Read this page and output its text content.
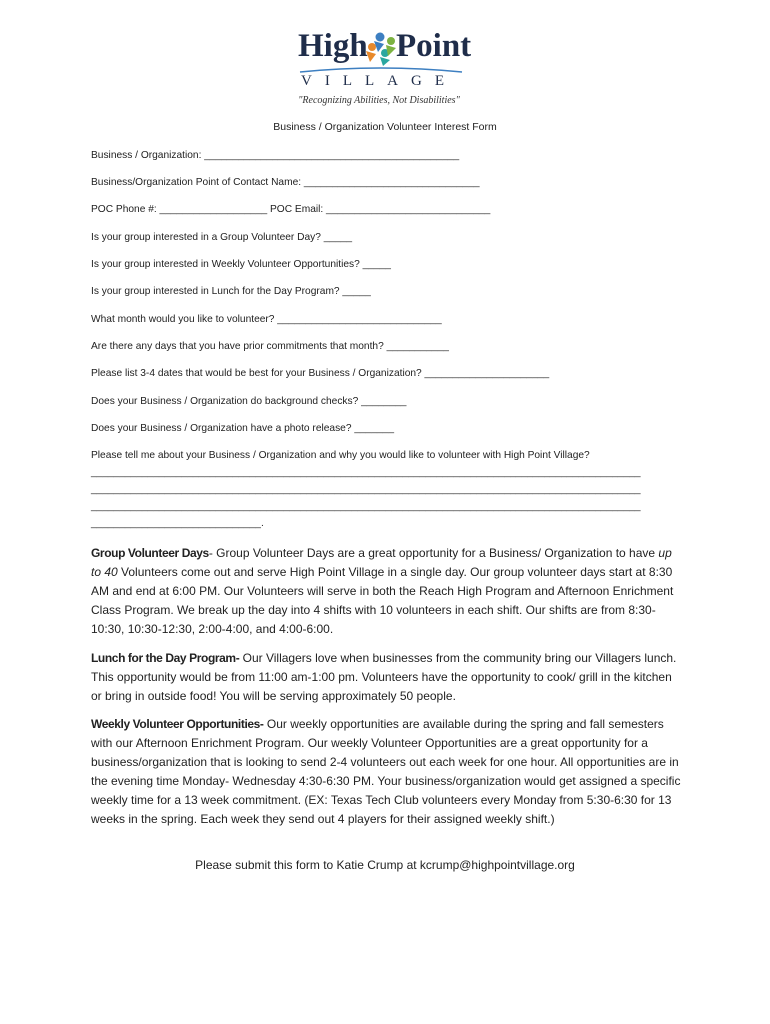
High Point
VILLAGE
"Recognizing Abilities, Not Disabilities"
Business / Organization Volunteer Interest Form
Business / Organization: _____________________________________________
Business/Organization Point of Contact Name: _______________________________
POC Phone #: ___________________ POC Email: _____________________________
Is your group interested in a Group Volunteer Day? _____
Is your group interested in Weekly Volunteer Opportunities? _____
Is your group interested in Lunch for the Day Program? _____
What month would you like to volunteer? _____________________________
Are there any days that you have prior commitments that month? ___________
Please list 3-4 dates that would be best for your Business / Organization? ______________________
Does your Business / Organization do background checks? ________
Does your Business / Organization have a photo release? _______
Please tell me about your Business / Organization and why you would like to volunteer with High Point Village?
_________________________________________________________________________________________________
_________________________________________________________________________________________________
_________________________________________________________________________________________________
______________________________.
Group Volunteer Days- Group Volunteer Days are a great opportunity for a Business/ Organization to have up to 40 Volunteers come out and serve High Point Village in a single day. Our group volunteer days start at 8:30 AM and end at 6:00 PM. Our Volunteers will serve in both the Reach High Program and Afternoon Enrichment Class Program. We break up the day into 4 shifts with 10 volunteers in each shift. Our shifts are from 8:30-10:30, 10:30-12:30, 2:00-4:00, and 4:00-6:00.
Lunch for the Day Program- Our Villagers love when businesses from the community bring our Villagers lunch. This opportunity would be from 11:00 am-1:00 pm. Volunteers have the opportunity to cook/ grill in the kitchen or bring in outside food! You will be serving approximately 50 people.
Weekly Volunteer Opportunities- Our weekly opportunities are available during the spring and fall semesters with our Afternoon Enrichment Program. Our weekly Volunteer Opportunities are a great opportunity for a business/organization that is looking to send 2-4 volunteers out each week for one hour. All opportunities are in the evening time Monday- Wednesday 4:30-6:30 PM. Your business/organization would get assigned a specific weekly time for a 13 week commitment. (EX: Texas Tech Club volunteers every Monday from 5:30-6:30 for 13 weeks in the spring. Each week they send out 4 players for their assigned weekly shift.)
Please submit this form to Katie Crump at kcrump@highpointvillage.org
